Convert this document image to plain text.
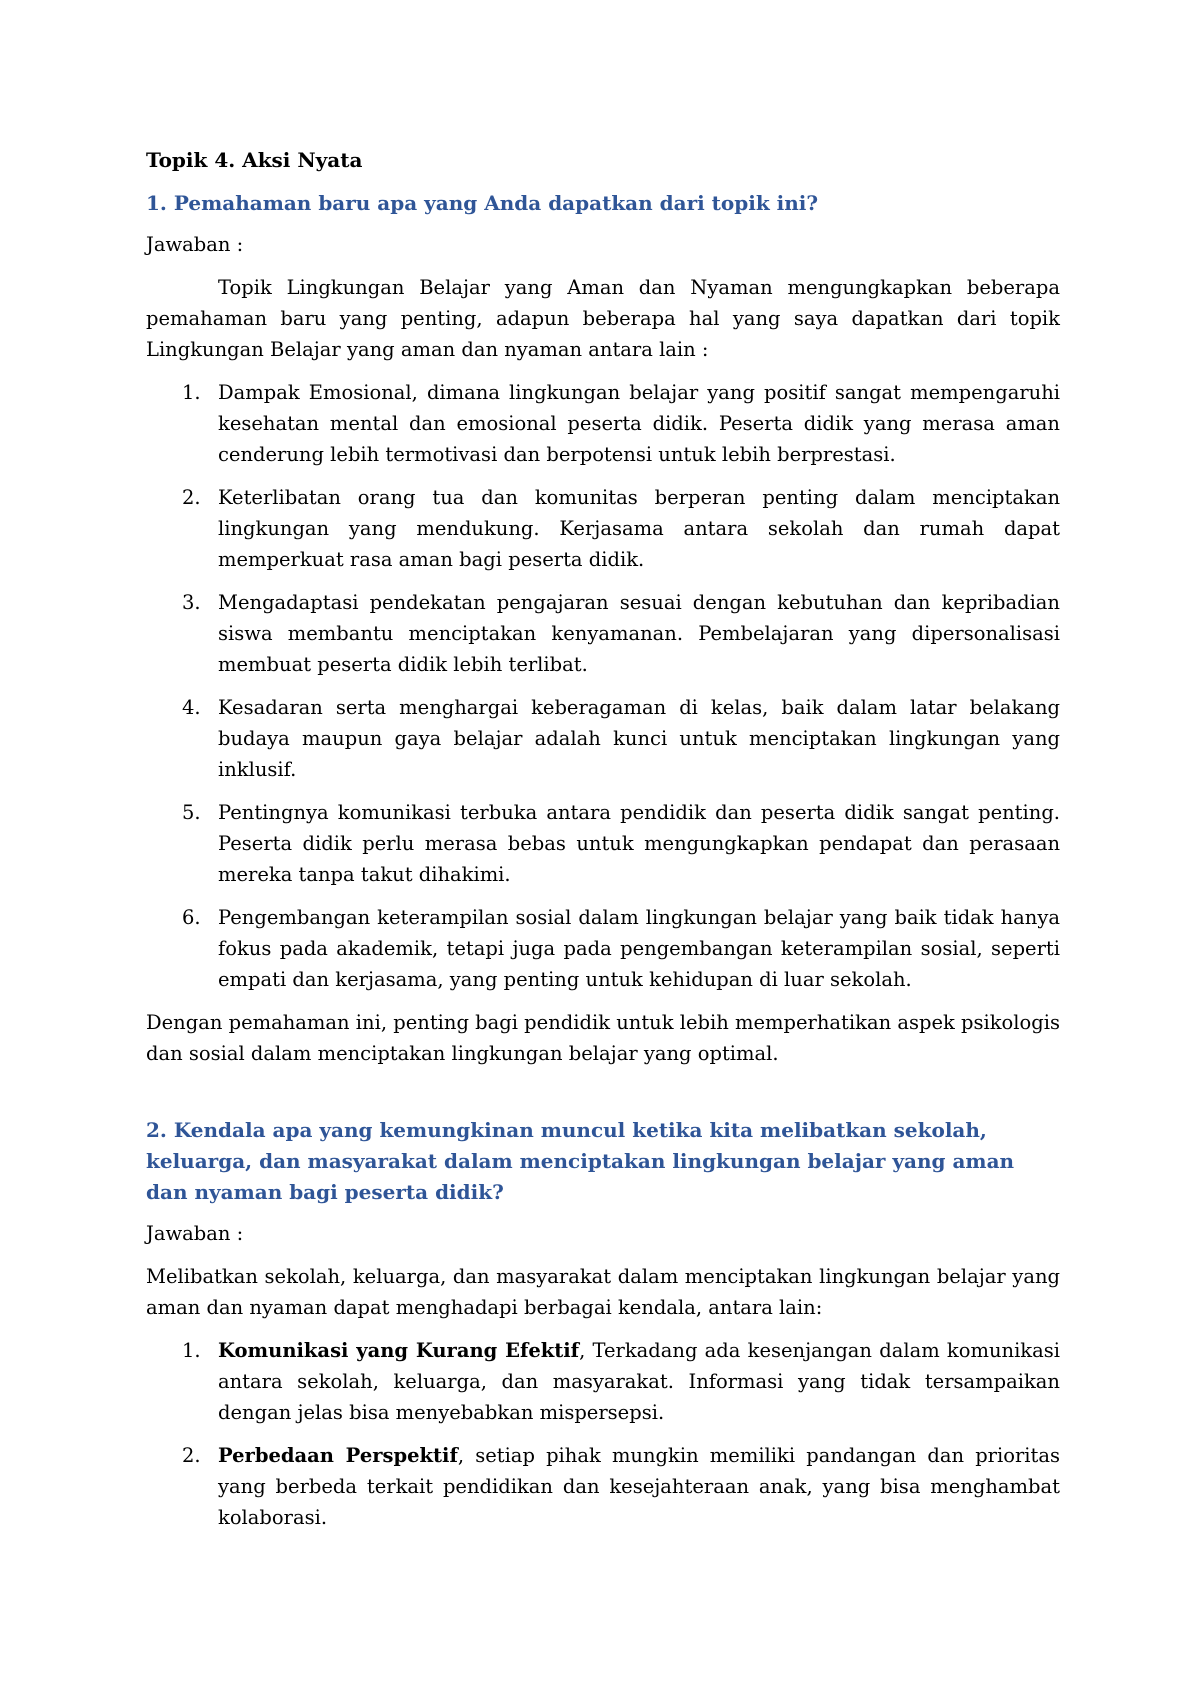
Topik 4. Aksi Nyata
1. Pemahaman baru apa yang Anda dapatkan dari topik ini?
Jawaban :

Topik Lingkungan Belajar yang Aman dan Nyaman mengungkapkan beberapa pemahaman baru yang penting, adapun beberapa hal yang saya dapatkan dari topik Lingkungan Belajar yang aman dan nyaman antara lain :

1. Dampak Emosional, dimana lingkungan belajar yang positif sangat mempengaruhi kesehatan mental dan emosional peserta didik. Peserta didik yang merasa aman cenderung lebih termotivasi dan berpotensi untuk lebih berprestasi.
2. Keterlibatan orang tua dan komunitas berperan penting dalam menciptakan lingkungan yang mendukung. Kerjasama antara sekolah dan rumah dapat memperkuat rasa aman bagi peserta didik.
3. Mengadaptasi pendekatan pengajaran sesuai dengan kebutuhan dan kepribadian siswa membantu menciptakan kenyamanan. Pembelajaran yang dipersonalisasi membuat peserta didik lebih terlibat.
4. Kesadaran serta menghargai keberagaman di kelas, baik dalam latar belakang budaya maupun gaya belajar adalah kunci untuk menciptakan lingkungan yang inklusif.
5. Pentingnya komunikasi terbuka antara pendidik dan peserta didik sangat penting. Peserta didik perlu merasa bebas untuk mengungkapkan pendapat dan perasaan mereka tanpa takut dihakimi.
6. Pengembangan keterampilan sosial dalam lingkungan belajar yang baik tidak hanya fokus pada akademik, tetapi juga pada pengembangan keterampilan sosial, seperti empati dan kerjasama, yang penting untuk kehidupan di luar sekolah.

Dengan pemahaman ini, penting bagi pendidik untuk lebih memperhatikan aspek psikologis dan sosial dalam menciptakan lingkungan belajar yang optimal.

2. Kendala apa yang kemungkinan muncul ketika kita melibatkan sekolah, keluarga, dan masyarakat dalam menciptakan lingkungan belajar yang aman dan nyaman bagi peserta didik?
Jawaban :

Melibatkan sekolah, keluarga, dan masyarakat dalam menciptakan lingkungan belajar yang aman dan nyaman dapat menghadapi berbagai kendala, antara lain:

1. Komunikasi yang Kurang Efektif, Terkadang ada kesenjangan dalam komunikasi antara sekolah, keluarga, dan masyarakat. Informasi yang tidak tersampaikan dengan jelas bisa menyebabkan mispersepsi.
2. Perbedaan Perspektif, setiap pihak mungkin memiliki pandangan dan prioritas yang berbeda terkait pendidikan dan kesejahteraan anak, yang bisa menghambat kolaborasi.
